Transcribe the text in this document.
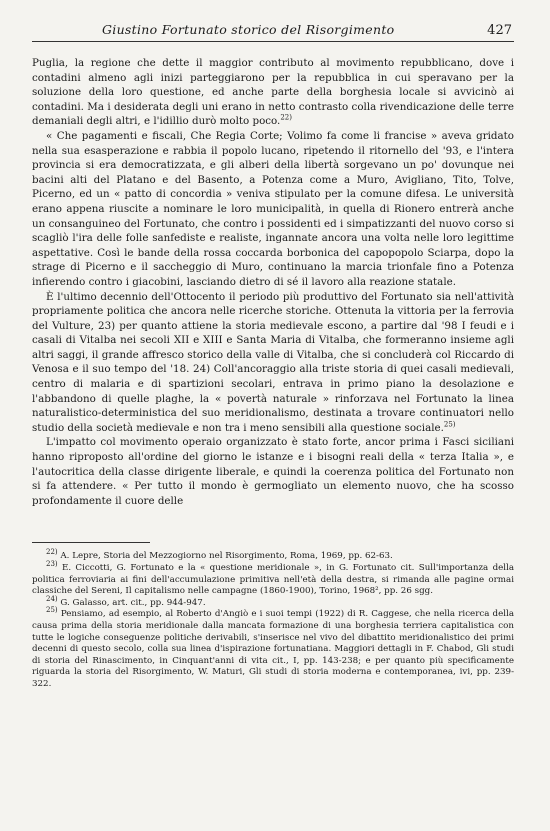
Giustino Fortunato storico del Risorgimento	427

Puglia, la regione che dette il maggior contributo al movimento repubblicano, dove i contadini almeno agli inizi parteggiarono per la repubblica in cui speravano per la soluzione della loro questione, ed anche parte della borghesia locale si avvicinò ai contadini. Ma i desiderata degli uni erano in netto contrasto colla rivendicazione delle terre demaniali degli altri, e l'idillio durò molto poco.$^{22)}$

« Che pagamenti e fiscali, Che Regia Corte; Volimo fa come li francise » aveva gridato nella sua esasperazione e rabbia il popolo lucano, ripetendo il ritornello del '93, e l'intera provincia si era democratizzata, e gli alberi della libertà sorgevano un po' dovunque nei bacini alti del Platano e del Basento, a Potenza come a Muro, Avigliano, Tito, Tolve, Picerno, ed un « patto di concordia » veniva stipulato per la comune difesa. Le università erano appena riuscite a nominare le loro municipalità, in quella di Rionero entrerà anche un consanguineo del Fortunato, che contro i possidenti ed i simpatizzanti del nuovo corso si scagliò l'ira delle folle sanfediste e realiste, ingannate ancora una volta nelle loro legittime aspettative. Così le bande della rossa coccarda borbonica del capopopolo Sciarpa, dopo la strage di Picerno e il saccheggio di Muro, continuano la marcia trionfale fino a Potenza infierendo contro i giacobini, lasciando dietro di sé il lavoro alla reazione statale.

È l'ultimo decennio dell'Ottocento il periodo più produttivo del Fortunato sia nell'attività propriamente politica che ancora nelle ricerche storiche. Ottenuta la vittoria per la ferrovia del Vulture, 23) per quanto attiene la storia medievale escono, a partire dal '98 I feudi e i casali di Vitalba nei secoli XII e XIII e Santa Maria di Vitalba, che formeranno insieme agli altri saggi, il grande affresco storico della valle di Vitalba, che si concluderà col Riccardo di Venosa e il suo tempo del '18. 24) Coll'ancoraggio alla triste storia di quei casali medievali, centro di malaria e di spartizioni secolari, entrava in primo piano la desolazione e l'abbandono di quelle plaghe, la « povertà naturale » rinforzava nel Fortunato la linea naturalistico-deterministica del suo meridionalismo, destinata a trovare continuatori nello studio della società medievale e non tra i meno sensibili alla questione sociale.$^{25)}$

L'impatto col movimento operaio organizzato è stato forte, ancor prima i Fasci siciliani hanno riproposto all'ordine del giorno le istanze e i bisogni reali della « terza Italia », e l'autocritica della classe dirigente liberale, e quindi la coerenza politica del Fortunato non si fa attendere. « Per tutto il mondo è germogliato un elemento nuovo, che ha scosso profondamente il cuore delle

$^{22)}$ A. Lepre, Storia del Mezzogiorno nel Risorgimento, Roma, 1969, pp. 62-63.

$^{23)}$ E. Ciccotti, G. Fortunato e la « questione meridionale », in G. Fortunato cit. Sull'importanza della politica ferroviaria ai fini dell'accumulazione primitiva nell'età della destra, si rimanda alle pagine ormai classiche del Sereni, Il capitalismo nelle campagne (1860-1900), Torino, 1968², pp. 26 sgg.

$^{24)}$ G. Galasso, art. cit., pp. 944-947.

$^{25)}$ Pensiamo, ad esempio, al Roberto d'Angiò e i suoi tempi (1922) di R. Caggese, che nella ricerca della causa prima della storia meridionale dalla mancata formazione di una borghesia terriera capitalistica con tutte le logiche conseguenze politiche derivabili, s'inserisce nel vivo del dibattito meridionalistico dei primi decenni di questo secolo, colla sua linea d'ispirazione fortunatiana. Maggiori dettagli in F. Chabod, Gli studi di storia del Rinascimento, in Cinquant'anni di vita cit., I, pp. 143-238; e per quanto più specificamente riguarda la storia del Risorgimento, W. Maturi, Gli studi di storia moderna e contemporanea, ivi, pp. 239-322.
